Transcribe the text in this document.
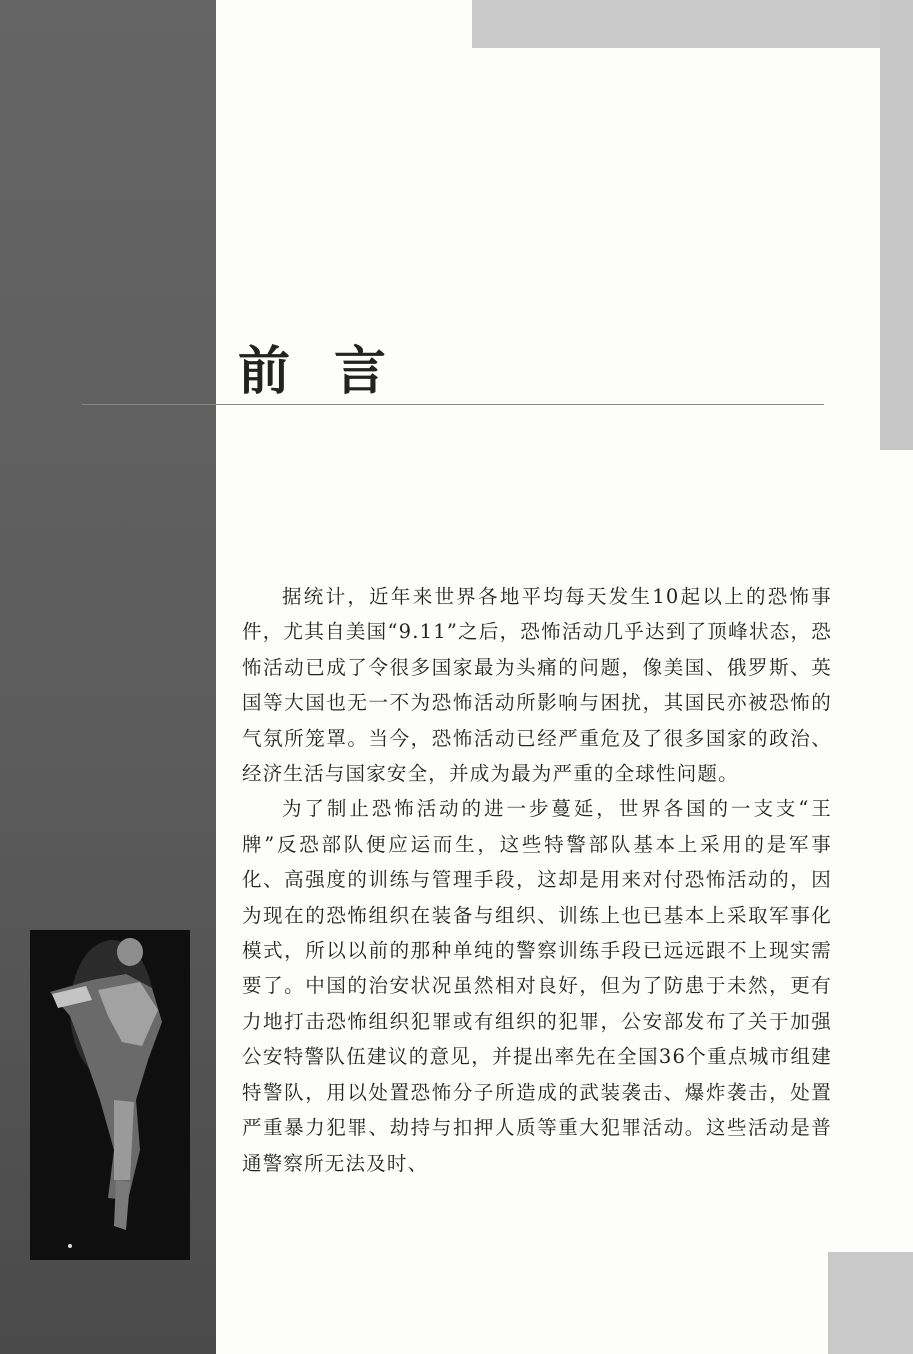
前言

据统计，近年来世界各地平均每天发生10起以上的恐怖事件，尤其自美国“9.11”之后，恐怖活动几乎达到了顶峰状态，恐怖活动已成了令很多国家最为头痛的问题，像美国、俄罗斯、英国等大国也无一不为恐怖活动所影响与困扰，其国民亦被恐怖的气氛所笼罩。当今，恐怖活动已经严重危及了很多国家的政治、经济生活与国家安全，并成为最为严重的全球性问题。

为了制止恐怖活动的进一步蔓延，世界各国的一支支“王牌”反恐部队便应运而生，这些特警部队基本上采用的是军事化、高强度的训练与管理手段，这却是用来对付恐怖活动的，因为现在的恐怖组织在装备与组织、训练上也已基本上采取军事化模式，所以以前的那种单纯的警察训练手段已远远跟不上现实需要了。中国的治安状况虽然相对良好，但为了防患于未然，更有力地打击恐怖组织犯罪或有组织的犯罪，公安部发布了关于加强公安特警队伍建议的意见，并提出率先在全国36个重点城市组建特警队，用以处置恐怖分子所造成的武装袭击、爆炸袭击，处置严重暴力犯罪、劫持与扣押人质等重大犯罪活动。这些活动是普通警察所无法及时、
